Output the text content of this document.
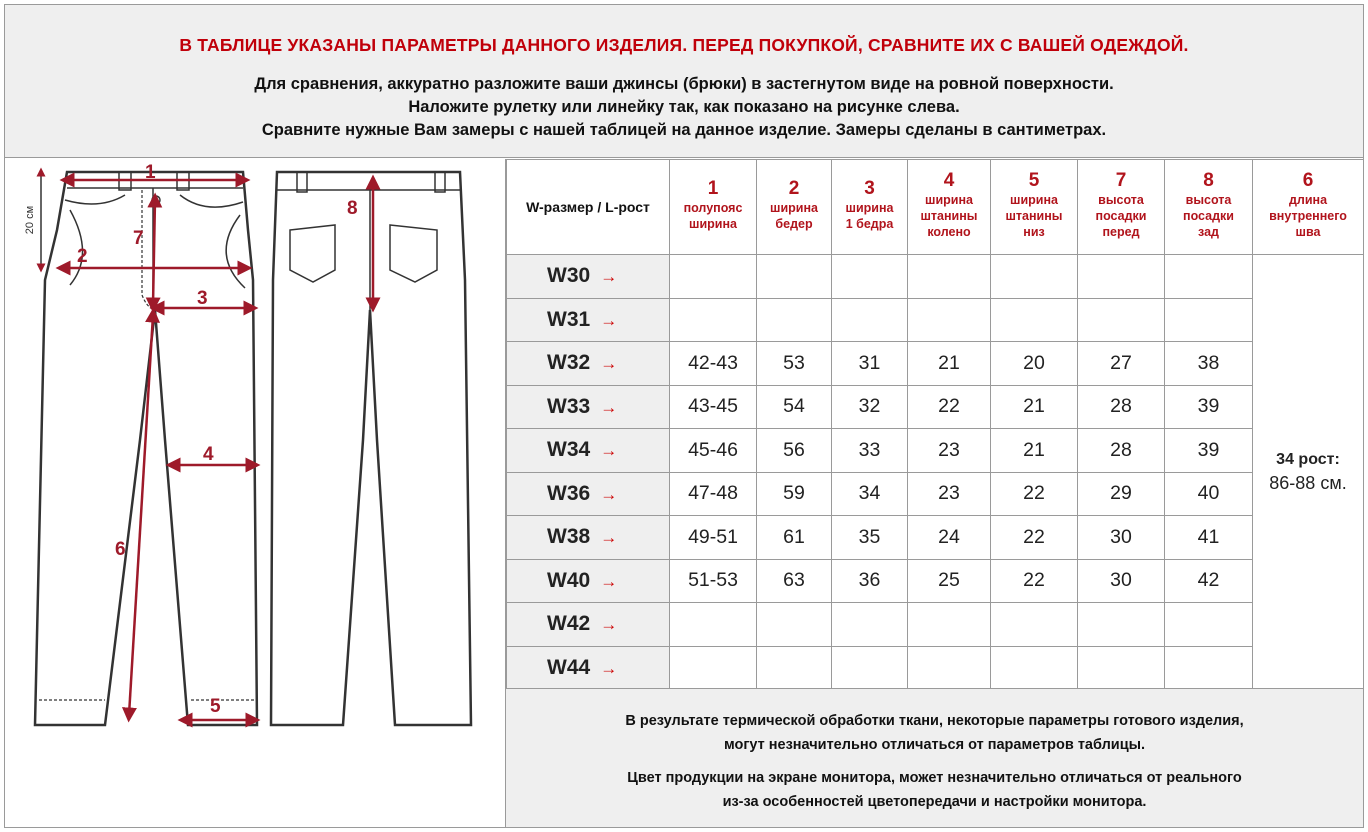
В ТАБЛИЦЕ УКАЗАНЫ ПАРАМЕТРЫ ДАННОГО ИЗДЕЛИЯ. ПЕРЕД ПОКУПКОЙ, СРАВНИТЕ ИХ С ВАШЕЙ ОДЕЖДОЙ.
Для сравнения, аккуратно разложите ваши джинсы (брюки) в застегнутом виде на ровной поверхности.
Наложите рулетку или линейку так, как показано на рисунке слева.
Сравните нужные Вам замеры с нашей таблицей на данное изделие. Замеры сделаны в сантиметрах.
1
2
3
4
5
6
7
8
20 см	W-размер / L-рост	1
полупояс
ширина	2
ширина
бедер	3
ширина
1 бедра	4
ширина
штанины
колено	5
ширина
штанины
низ	7
высота
посадки
перед	8
высота
посадки
зад	6
длина
внутреннего
шва

W30 →								34 рост:
86-88 см.

W31 →								
W32 →	42-43	53	31	21	20	27	38	
W33 →	43-45	54	32	22	21	28	39	
W34 →	45-46	56	33	23	21	28	39	
W36 →	47-48	59	34	23	22	29	40	
W38 →	49-51	61	35	24	22	30	41	
W40 →	51-53	63	36	25	22	30	42	
W42 →								
W44 →								
В результате термической обработки ткани, некоторые параметры готового изделия,
могут незначительно отличаться от параметров таблицы.
Цвет продукции на экране монитора, может незначительно отличаться от реального
из-за особенностей цветопередачи и настройки монитора.
